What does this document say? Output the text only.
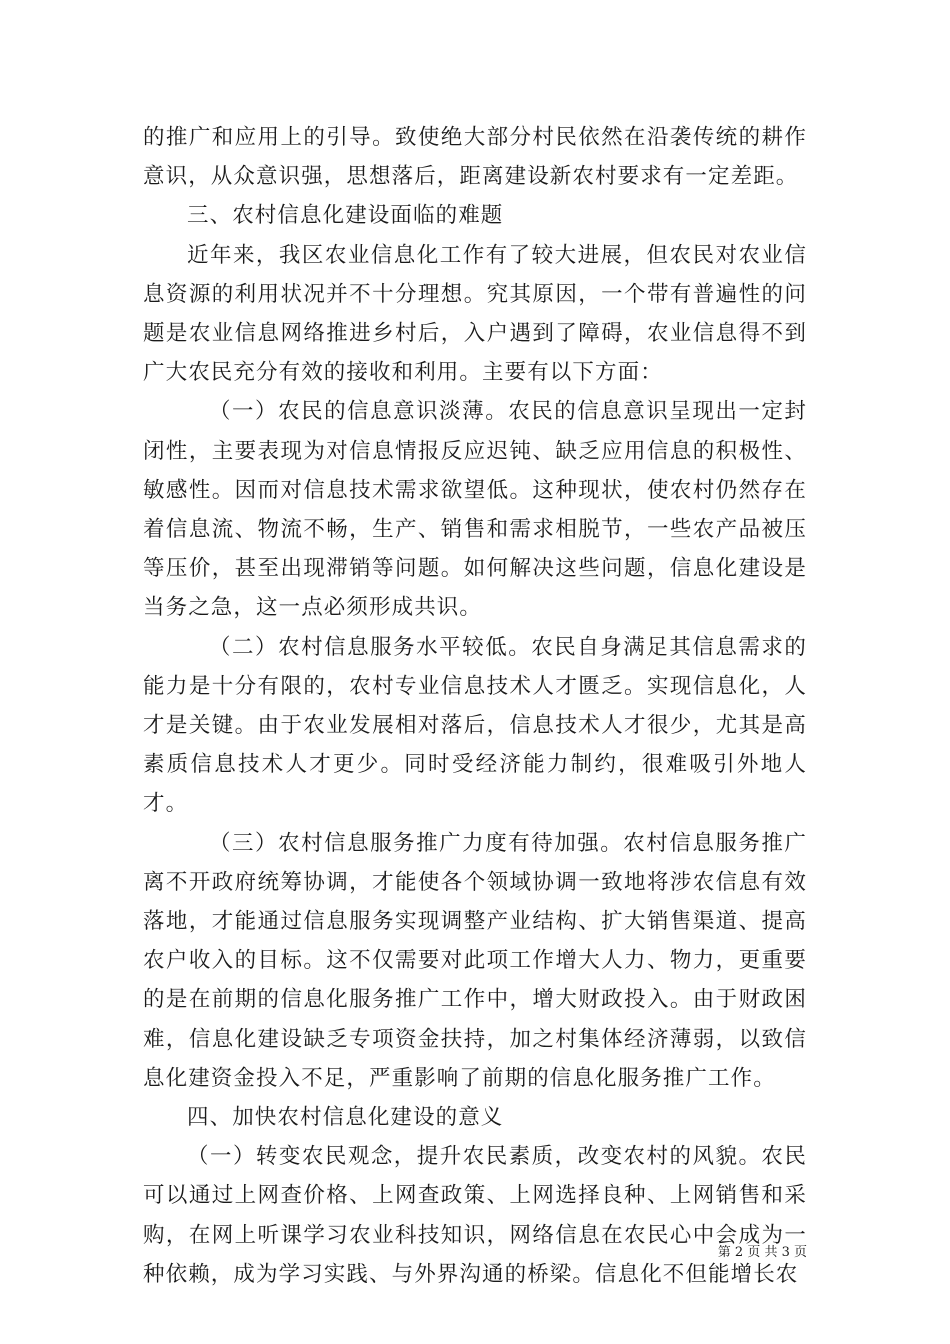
的推广和应用上的引导。致使绝大部分村民依然在沿袭传统的耕作意识，从众意识强，思想落后，距离建设新农村要求有一定差距。

三、农村信息化建设面临的难题

近年来，我区农业信息化工作有了较大进展，但农民对农业信息资源的利用状况并不十分理想。究其原因，一个带有普遍性的问题是农业信息网络推进乡村后，入户遇到了障碍，农业信息得不到广大农民充分有效的接收和利用。主要有以下方面：

（一）农民的信息意识淡薄。农民的信息意识呈现出一定封闭性，主要表现为对信息情报反应迟钝、缺乏应用信息的积极性、敏感性。因而对信息技术需求欲望低。这种现状，使农村仍然存在着信息流、物流不畅，生产、销售和需求相脱节，一些农产品被压等压价，甚至出现滞销等问题。如何解决这些问题，信息化建设是当务之急，这一点必须形成共识。

（二）农村信息服务水平较低。农民自身满足其信息需求的能力是十分有限的，农村专业信息技术人才匮乏。实现信息化，人才是关键。由于农业发展相对落后，信息技术人才很少，尤其是高素质信息技术人才更少。同时受经济能力制约，很难吸引外地人才。

（三）农村信息服务推广力度有待加强。农村信息服务推广离不开政府统筹协调，才能使各个领域协调一致地将涉农信息有效落地，才能通过信息服务实现调整产业结构、扩大销售渠道、提高农户收入的目标。这不仅需要对此项工作增大人力、物力，更重要的是在前期的信息化服务推广工作中，增大财政投入。由于财政困难，信息化建设缺乏专项资金扶持，加之村集体经济薄弱，以致信息化建资金投入不足，严重影响了前期的信息化服务推广工作。

四、加快农村信息化建设的意义

（一）转变农民观念，提升农民素质，改变农村的风貌。农民可以通过上网查价格、上网查政策、上网选择良种、上网销售和采购，在网上听课学习农业科技知识，网络信息在农民心中会成为一种依赖，成为学习实践、与外界沟通的桥梁。信息化不但能增长农

第 2 页 共 3 页
